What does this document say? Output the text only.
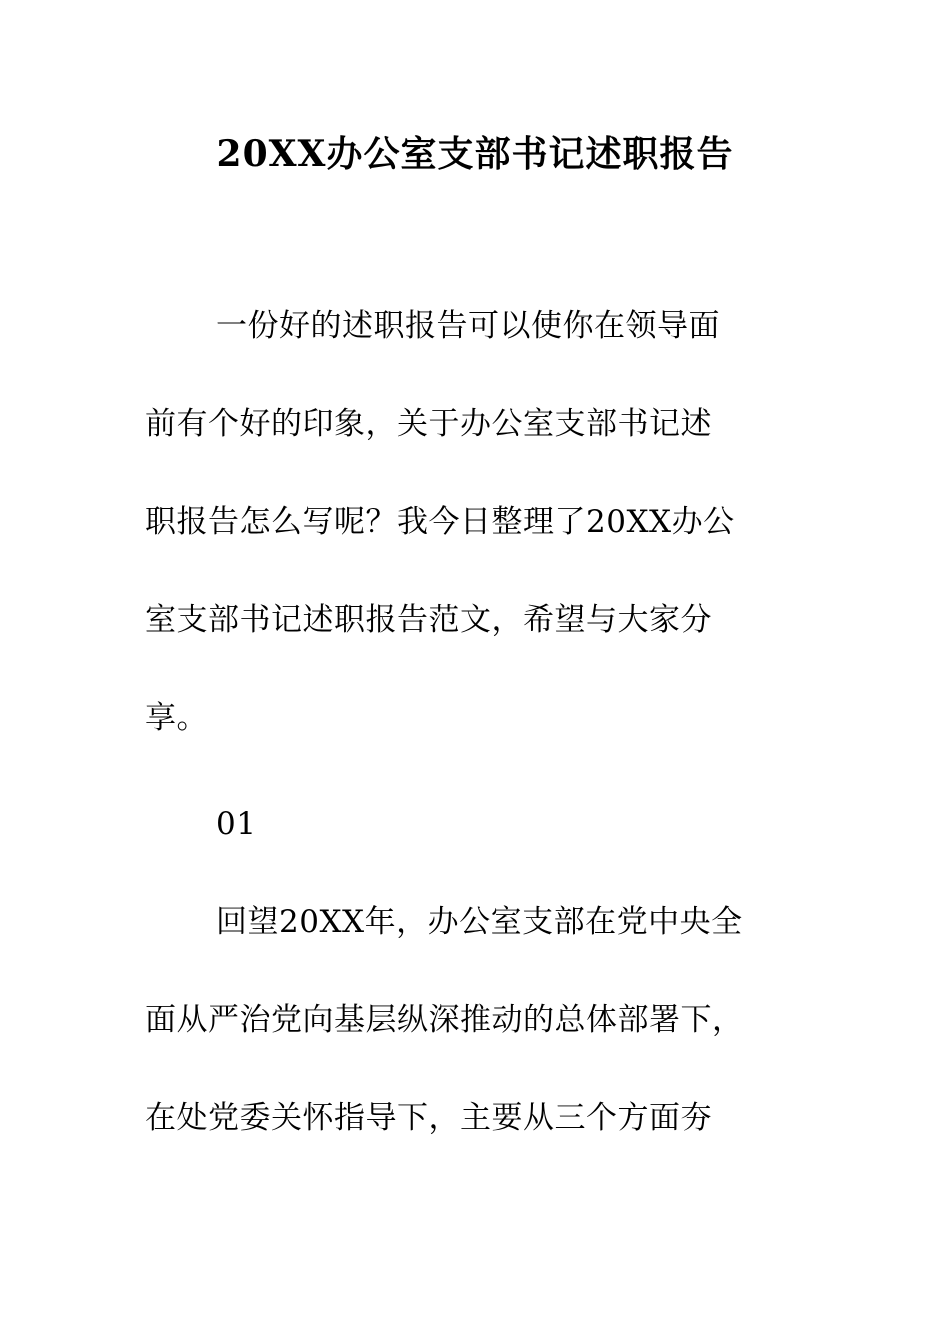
20XX办公室支部书记述职报告
一份好的述职报告可以使你在领导面
前有个好的印象，关于办公室支部书记述
职报告怎么写呢？我今日整理了20XX办公
室支部书记述职报告范文，希望与大家分
享。
01
回望20XX年，办公室支部在党中央全
面从严治党向基层纵深推动的总体部署下，
在处党委关怀指导下，主要从三个方面夯
